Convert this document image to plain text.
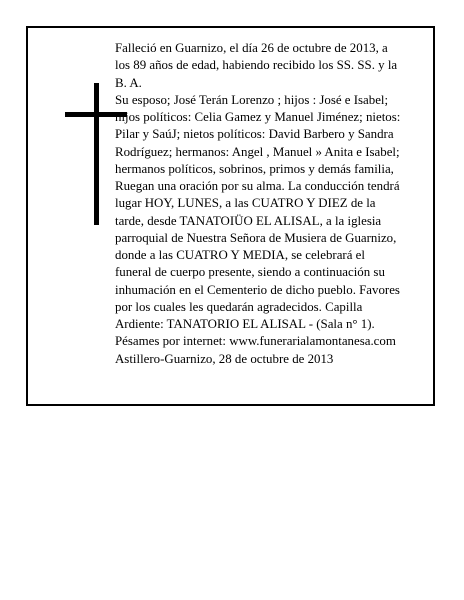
Falleció en Guarnizo, el día 26 de octubre de 2013, a
los 89 años de edad, habiendo recibido los SS. SS. y la
B. A.
Su esposo; José Terán Lorenzo ; hijos : José e Isabel;
hijos políticos: Celia Gamez y Manuel Jiménez; nietos:
Pilar y SaúJ; nietos políticos: David Barbero y Sandra
Rodríguez; hermanos: Angel , Manuel » Anita e Isabel;
hermanos políticos, sobrinos, primos y demás familia,
Ruegan una oración por su alma. La conducción tendrá
lugar HOY, LUNES, a las CUATRO Y DIEZ de la
tarde, desde TANATOIÜO EL ALISAL, a la iglesia
parroquial de Nuestra Señora de Musiera de Guarnizo,
donde a las CUATRO Y MEDIA, se celebrará el
funeral de cuerpo presente, siendo a continuación su
inhumación en el Cementerio de dicho pueblo. Favores
por los cuales les quedarán agradecidos. Capilla
Ardiente: TANATORIO EL ALISAL - (Sala n° 1).
Pésames por internet: www.funerarialamontanesa.com
Astillero-Guarnizo, 28 de octubre de 2013
